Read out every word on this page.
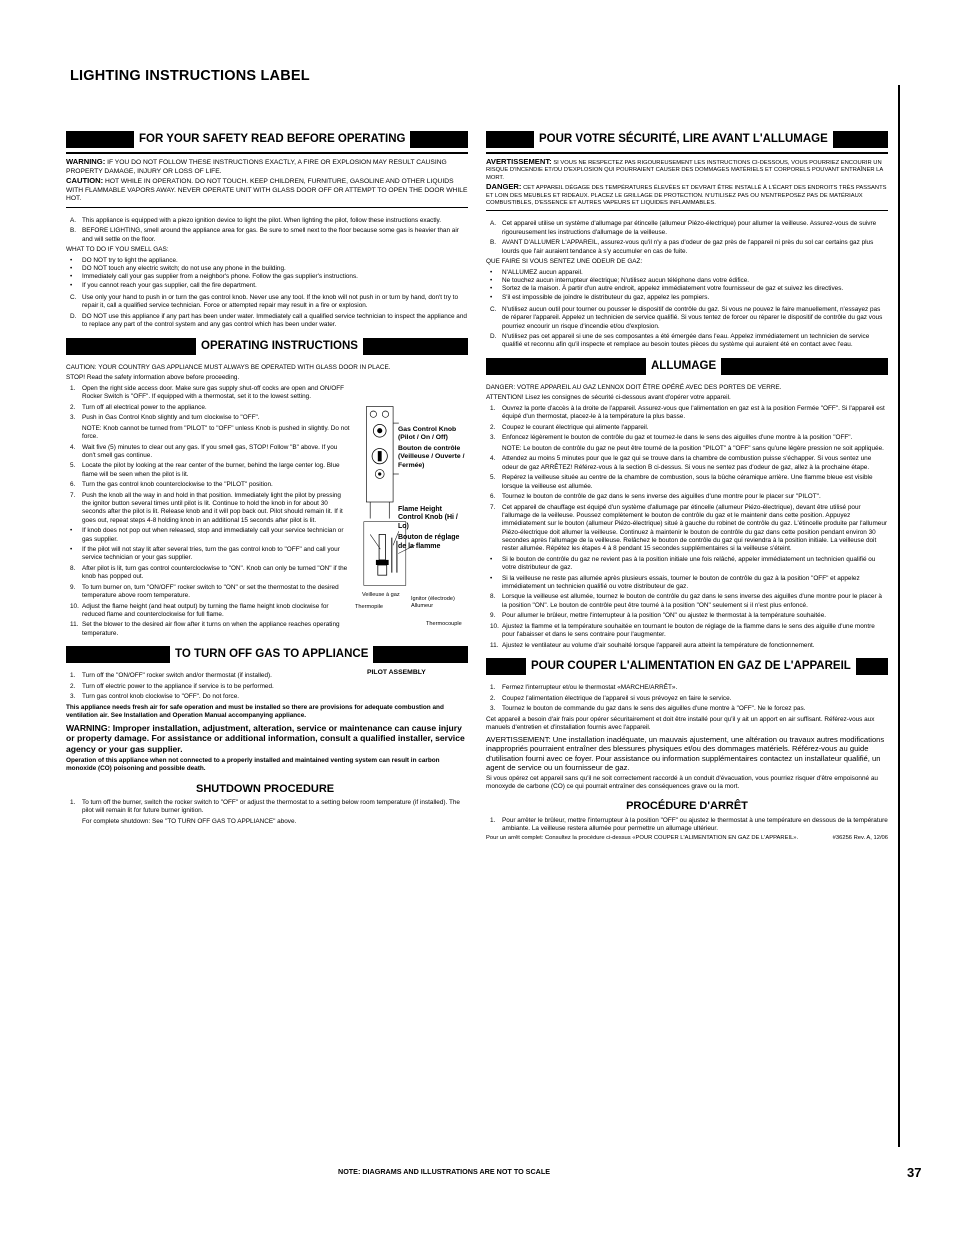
LIGHTING INSTRUCTIONS LABEL
FOR YOUR SAFETY READ BEFORE OPERATING
WARNING: IF YOU DO NOT FOLLOW THESE INSTRUCTIONS EXACTLY, A FIRE OR EXPLOSION MAY RESULT CAUSING PROPERTY DAMAGE, INJURY OR LOSS OF LIFE.
CAUTION: HOT WHILE IN OPERATION. DO NOT TOUCH. KEEP CHILDREN, FURNITURE, GASOLINE AND OTHER LIQUIDS WITH FLAMMABLE VAPORS AWAY. NEVER OPERATE UNIT WITH GLASS DOOR OFF OR ATTEMPT TO OPEN THE DOOR WHILE HOT.
A. This appliance is equipped with a piezo ignition device to light the pilot. When lighting the pilot, follow these instructions exactly.
B. BEFORE LIGHTING, smell around the appliance area for gas. Be sure to smell next to the floor because some gas is heavier than air and will settle on the floor.

WHAT TO DO IF YOU SMELL GAS:

• DO NOT try to light the appliance.
• DO NOT touch any electric switch; do not use any phone in the building.
• Immediately call your gas supplier from a neighbor's phone. Follow the gas supplier's instructions.
• If you cannot reach your gas supplier, call the fire department.
C. Use only your hand to push in or turn the gas control knob. Never use any tool. If the knob will not push in or turn by hand, don't try to repair it, call a qualified service technician. Force or attempted repair may result in a fire or explosion.
D. DO NOT use this appliance if any part has been under water. Immediately call a qualified service technician to inspect the appliance and to replace any part of the control system and any gas control which has been under water.
OPERATING INSTRUCTIONS

CAUTION: YOUR COUNTRY GAS APPLIANCE MUST ALWAYS BE OPERATED WITH GLASS DOOR IN PLACE.

STOP! Read the safety information above before proceeding.

1. Open the right side access door. Make sure gas supply shut-off cocks are open and ON/OFF Rocker Switch is "OFF". If equipped with a thermostat, set it to the lowest setting.
2. Turn off all electrical power to the appliance.
3. Push in Gas Control Knob slightly and turn clockwise to "OFF".
NOTE: Knob cannot be turned from "PILOT" to "OFF" unless Knob is pushed in slightly. Do not force.
4. Wait five (5) minutes to clear out any gas. If you smell gas, STOP! Follow "B" above. If you don't smell gas continue.
5. Locate the pilot by looking at the rear center of the burner, behind the large center log. Blue flame will be seen when the pilot is lit.
6. Turn the gas control knob counterclockwise to the "PILOT" position.
7. Push the knob all the way in and hold in that position. Immediately light the pilot by pressing the ignitor button several times until pilot is lit. Continue to hold the knob in for about 30 seconds after the pilot is lit. Release knob and it will pop back out. Pilot should remain lit. If it goes out, repeat steps 4-8 holding knob in an additional 15 seconds after pilot is lit.
• If knob does not pop out when released, stop and immediately call your service technician or gas supplier.
• If the pilot will not stay lit after several tries, turn the gas control knob to "OFF" and call your service technician or your gas supplier.
8. After pilot is lit, turn gas control counterclockwise to "ON". Knob can only be turned "ON" if the knob has popped out.
9. To turn burner on, turn "ON/OFF" rocker switch to "ON" or set the thermostat to the desired temperature above room temperature.
10. Adjust the flame height (and heat output) by turning the flame height knob clockwise for reduced flame and counterclockwise for full flame.
11. Set the blower to the desired air flow after it turns on when the appliance reaches operating temperature.
TO TURN OFF GAS TO APPLIANCE
1. Turn off the "ON/OFF" rocker switch and/or thermostat (if installed).
2. Turn off electric power to the appliance if service is to be performed.
3. Turn gas control knob clockwise to "OFF". Do not force.

This appliance needs fresh air for safe operation and must be installed so there are provisions for adequate combustion and ventilation air. See Installation and Operation Manual accompanying appliance.

WARNING: Improper installation, adjustment, alteration, service or maintenance can cause injury or property damage. For assistance or additional information, consult a qualified installer, service agency or your gas supplier.

Operation of this appliance when not connected to a properly installed and maintained venting system can result in carbon monoxide (CO) poisoning and possible death.

SHUTDOWN PROCEDURE
1. To turn off the burner, switch the rocker switch to "OFF" or adjust the thermostat to a setting below room temperature (if installed). The pilot will remain lit for future burner ignition.

For complete shutdown: See "TO TURN OFF GAS TO APPLIANCE" above.

Gas Control Knob (Pilot / On / Off)
Bouton de contrôle (Veilleuse / Ouverte / Fermée)
Flame Height Control Knob (Hi / Lo)
Bouton de réglage de la flamme
Veilleuse à gaz
Thermopile
Ignitor (électrode) Allumeur
Thermocouple
PILOT ASSEMBLY
POUR VOTRE SÉCURITÉ, LIRE AVANT L'ALLUMAGE
AVERTISSEMENT: SI VOUS NE RESPECTEZ PAS RIGOUREUSEMENT LES INSTRUCTIONS CI-DESSOUS, VOUS POURRIEZ ENCOURIR UN RISQUE D'INCENDIE ET/OU D'EXPLOSION QUI POURRAIENT CAUSER DES DOMMAGES MATÉRIELS ET CORPORELS POUVANT ENTRAÎNER LA MORT.
DANGER: CET APPAREIL DÉGAGE DES TEMPÉRATURES ÉLEVÉES ET DEVRAIT ÊTRE INSTALLÉ À L'ÉCART DES ENDROITS TRÈS PASSANTS ET LOIN DES MEUBLES ET RIDEAUX. PLACEZ LE GRILLAGE DE PROTECTION. N'UTILISEZ PAS OU N'ENTREPOSEZ PAS DE MATÉRIAUX COMBUSTIBLES, D'ESSENCE ET AUTRES VAPEURS ET LIQUIDES INFLAMMABLES.
A. Cet appareil utilise un système d'allumage par étincelle (allumeur Piézo-électrique) pour allumer la veilleuse. Assurez-vous de suivre rigoureusement les instructions d'allumage de la veilleuse.
B. AVANT D'ALLUMER L'APPAREIL, assurez-vous qu'il n'y a pas d'odeur de gaz près de l'appareil ni près du sol car certains gaz plus lourds que l'air auraient tendance à s'y accumuler en cas de fuite.

QUE FAIRE SI VOUS SENTEZ UNE ODEUR DE GAZ:

• N'ALLUMEZ aucun appareil.
• Ne touchez aucun interrupteur électrique; N'utilisez aucun téléphone dans votre édifice.
• Sortez de la maison. À partir d'un autre endroit, appelez immédiatement votre fournisseur de gaz et suivez les directives.
• S'il est impossible de joindre le distributeur du gaz, appelez les pompiers.
C. N'utilisez aucun outil pour tourner ou pousser le dispositif de contrôle du gaz. Si vous ne pouvez le faire manuellement, n'essayez pas de réparer l'appareil. Appelez un technicien de service qualifié. Si vous tentez de forcer ou réparer le dispositif de contrôle du gaz vous pourriez encourir un risque d'incendie et/ou d'explosion.
D. N'utilisez pas cet appareil si une de ses composantes a été émergée dans l'eau. Appelez immédiatement un technicien de service qualifié et reconnu afin qu'il inspecte et remplace au besoin toutes pièces du système qui auraient été en contact avec l'eau.
ALLUMAGE

DANGER: VOTRE APPAREIL AU GAZ LENNOX DOIT ÊTRE OPÉRÉ AVEC DES PORTES DE VERRE.

ATTENTION! Lisez les consignes de sécurité ci-dessous avant d'opérer votre appareil.

1. Ouvrez la porte d'accès à la droite de l'appareil. Assurez-vous que l'alimentation en gaz est à la position Fermée "OFF". Si l'appareil est équipé d'un thermostat, placez-le à la température la plus basse.
2. Coupez le courant électrique qui alimente l'appareil.
3. Enfoncez légèrement le bouton de contrôle du gaz et tournez-le dans le sens des aiguilles d'une montre à la position "OFF".
NOTE: Le bouton de contrôle du gaz ne peut être tourné de la position "PILOT" à "OFF" sans qu'une légère pression ne soit appliquée.
4. Attendez au moins 5 minutes pour que le gaz qui se trouve dans la chambre de combustion puisse s'échapper. Si vous sentez une odeur de gaz ARRÊTEZ! Référez-vous à la section B ci-dessus. Si vous ne sentez pas d'odeur de gaz, allez à la prochaine étape.
5. Repérez la veilleuse située au centre de la chambre de combustion, sous la bûche céramique arrière. Une flamme bleue est visible lorsque la veilleuse est allumée.
6. Tournez le bouton de contrôle de gaz dans le sens inverse des aiguilles d'une montre pour le placer sur "PILOT".
7. Cet appareil de chauffage est équipé d'un système d'allumage par étincelle (allumeur Piézo-électrique), devant être utilisé pour l'allumage de la veilleuse. Poussez complètement le bouton de contrôle du gaz et le maintenir dans cette position. Appuyez immédiatement sur le bouton (allumeur Piézo-électrique) situé à gauche du robinet de contrôle du gaz. L'étincelle produite par l'allumeur Piézo-électrique doit allumer la veilleuse. Continuez à maintenir le bouton de contrôle du gaz dans cette position pendant environ 30 secondes après l'allumage de la veilleuse. Relâchez le bouton de contrôle du gaz qui reviendra à la position initiale. La veilleuse doit rester allumée. Répétez les étapes 4 à 8 pendant 15 secondes supplémentaires si la veilleuse s'éteint.
• Si le bouton de contrôle du gaz ne revient pas à la position initiale une fois relâché, appeler immédiatement un technicien qualifié ou votre distributeur de gaz.
• Si la veilleuse ne reste pas allumée après plusieurs essais, tourner le bouton de contrôle du gaz à la position "OFF" et appelez immédiatement un technicien qualifié ou votre distributeur de gaz.
8. Lorsque la veilleuse est allumée, tournez le bouton de contrôle du gaz dans le sens inverse des aiguilles d'une montre pour le placer à la position "ON". Le bouton de contrôle peut être tourné à la position "ON" seulement si il n'est plus enfoncé.
9. Pour allumer le brûleur, mettre l'interrupteur à la position "ON" ou ajustez le thermostat à la température souhaitée.
10. Ajustez la flamme et la température souhaitée en tournant le bouton de réglage de la flamme dans le sens des aiguille d'une montre pour l'abaisser et dans le sens contraire pour l'augmenter.
11. Ajustez le ventilateur au volume d'air souhaité lorsque l'appareil aura atteint la température de fonctionnement.
POUR COUPER L'ALIMENTATION EN GAZ DE L'APPAREIL
1. Fermez l'interrupteur et/ou le thermostat «MARCHE/ARRÊT».
2. Coupez l'alimentation électrique de l'appareil si vous prévoyez en faire le service.
3. Tournez le bouton de commande du gaz dans le sens des aiguilles d'une montre à "OFF". Ne le forcez pas.

Cet appareil a besoin d'air frais pour opérer sécuritairement et doit être installé pour qu'il y ait un apport en air suffisant. Référez-vous aux manuels d'entretien et d'installation fournis avec l'appareil.

AVERTISSEMENT: Une installation inadéquate, un mauvais ajustement, une altération ou travaux autres modifications inappropriés pourraient entraîner des blessures physiques et/ou des dommages matériels. Référez-vous au guide d'utilisation fourni avec ce foyer. Pour assistance ou information supplémentaires contactez un installateur qualifié, un agent de service ou un fournisseur de gaz.

Si vous opérez cet appareil sans qu'il ne soit correctement raccordé à un conduit d'évacuation, vous pourriez risquer d'être empoisonné au monoxyde de carbone (CO) ce qui pourrait entraîner des conséquences grave ou la mort.

PROCÉDURE D'ARRÊT
1. Pour arrêter le brûleur, mettre l'interrupteur à la position "OFF" ou ajustez le thermostat à une température en dessous de la température ambiante. La veilleuse restera allumée pour permettre un allumage ultérieur.

Pour un arrêt complet: Consultez la procédure ci-dessus «POUR COUPER L'ALIMENTATION EN GAZ DE L'APPAREIL».	#36256 Rev. A, 12/06

NOTE: DIAGRAMS AND ILLUSTRATIONS ARE NOT TO SCALE	37
